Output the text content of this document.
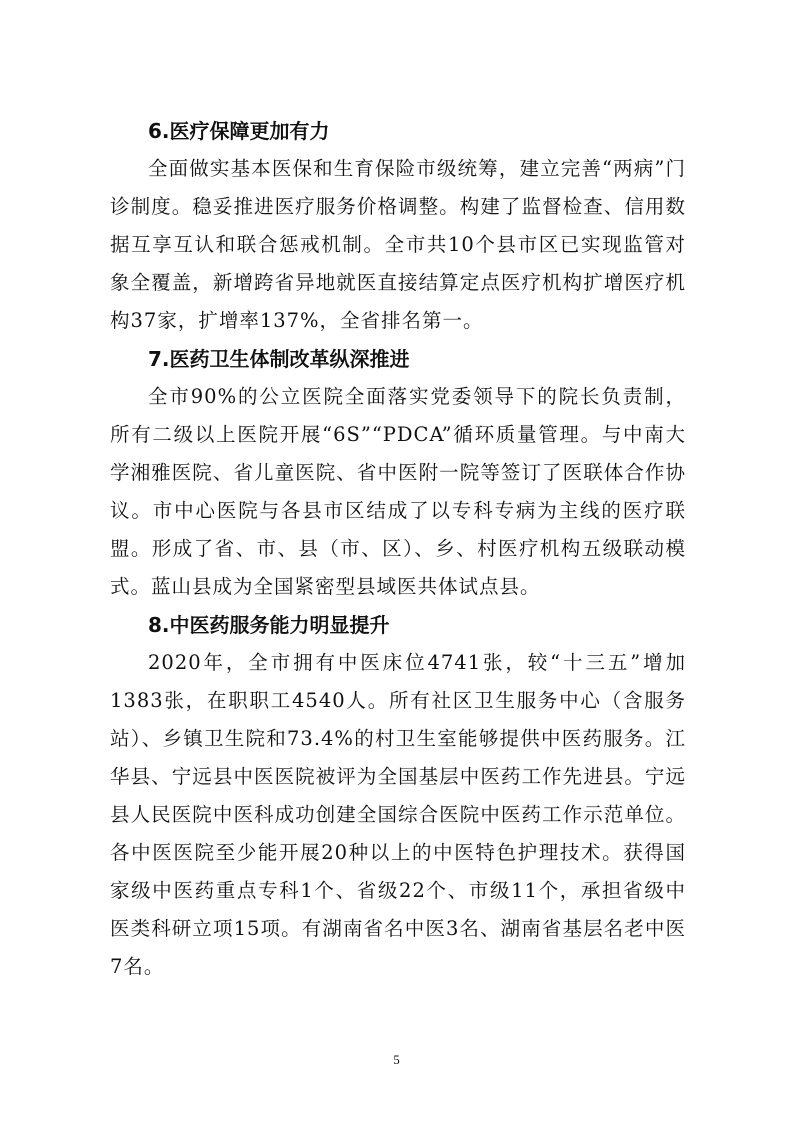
6.医疗保障更加有力

全面做实基本医保和生育保险市级统筹，建立完善“两病”门诊制度。稳妥推进医疗服务价格调整。构建了监督检查、信用数据互享互认和联合惩戒机制。全市共10个县市区已实现监管对象全覆盖，新增跨省异地就医直接结算定点医疗机构扩增医疗机构37家，扩增率137%，全省排名第一。

7.医药卫生体制改革纵深推进

全市90%的公立医院全面落实党委领导下的院长负责制，所有二级以上医院开展“6S”“PDCA”循环质量管理。与中南大学湘雅医院、省儿童医院、省中医附一院等签订了医联体合作协议。市中心医院与各县市区结成了以专科专病为主线的医疗联盟。形成了省、市、县（市、区）、乡、村医疗机构五级联动模式。蓝山县成为全国紧密型县域医共体试点县。

8.中医药服务能力明显提升

2020年，全市拥有中医床位4741张，较“十三五”增加1383张，在职职工4540人。所有社区卫生服务中心（含服务站）、乡镇卫生院和73.4%的村卫生室能够提供中医药服务。江华县、宁远县中医医院被评为全国基层中医药工作先进县。宁远县人民医院中医科成功创建全国综合医院中医药工作示范单位。各中医医院至少能开展20种以上的中医特色护理技术。获得国家级中医药重点专科1个、省级22个、市级11个，承担省级中医类科研立项15项。有湖南省名中医3名、湖南省基层名老中医7名。

5
